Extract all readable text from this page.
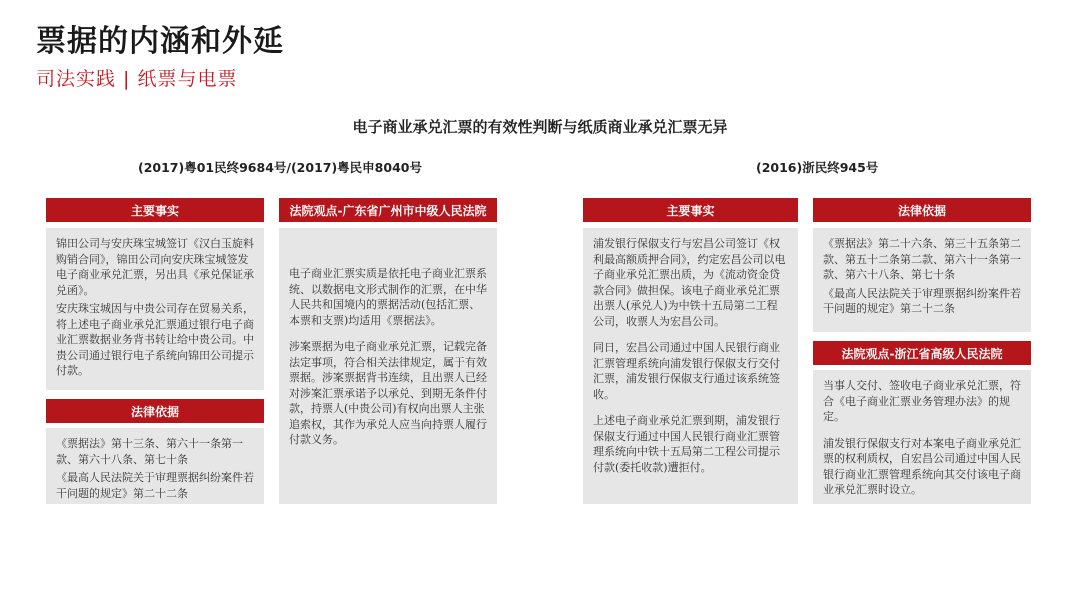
票据的内涵和外延
司法实践 | 纸票与电票
电子商业承兑汇票的有效性判断与纸质商业承兑汇票无异
(2017)粤01民终9684号/(2017)粤民申8040号
主要事实

锦田公司与安庆珠宝城签订《汉白玉旋料购销合同》，锦田公司向安庆珠宝城签发电子商业承兑汇票，另出具《承兑保证承兑函》。

安庆珠宝城因与中贵公司存在贸易关系，将上述电子商业承兑汇票通过银行电子商业汇票数据业务背书转让给中贵公司。中贵公司通过银行电子系统向锦田公司提示付款。

法律依据

《票据法》第十三条、第六十一条第一款、第六十八条、第七十条

《最高人民法院关于审理票据纠纷案件若干问题的规定》第二十二条

法院观点-广东省广州市中级人民法院

电子商业汇票实质是依托电子商业汇票系统、以数据电文形式制作的汇票，在中华人民共和国境内的票据活动(包括汇票、本票和支票)均适用《票据法》。

涉案票据为电子商业承兑汇票，记载完备法定事项，符合相关法律规定，属于有效票据。涉案票据背书连续，且出票人已经对涉案汇票承诺予以承兑、到期无条件付款，持票人(中贵公司)有权向出票人主张追索权，其作为承兑人应当向持票人履行付款义务。

(2016)浙民终945号
主要事实

浦发银行保俶支行与宏昌公司签订《权利最高额质押合同》，约定宏昌公司以电子商业承兑汇票出质，为《流动资金贷款合同》做担保。该电子商业承兑汇票出票人(承兑人)为中铁十五局第二工程公司，收票人为宏昌公司。

同日，宏昌公司通过中国人民银行商业汇票管理系统向浦发银行保俶支行交付汇票，浦发银行保俶支行通过该系统签收。

上述电子商业承兑汇票到期，浦发银行保俶支行通过中国人民银行商业汇票管理系统向中铁十五局第二工程公司提示付款(委托收款)遭拒付。

法律依据

《票据法》第二十六条、第三十五条第二款、第五十二条第二款、第六十一条第一款、第六十八条、第七十条

《最高人民法院关于审理票据纠纷案件若干问题的规定》第二十二条

法院观点-浙江省高级人民法院

当事人交付、签收电子商业承兑汇票，符合《电子商业汇票业务管理办法》的规定。

浦发银行保俶支行对本案电子商业承兑汇票的权利质权，自宏昌公司通过中国人民银行商业汇票管理系统向其交付该电子商业承兑汇票时设立。
